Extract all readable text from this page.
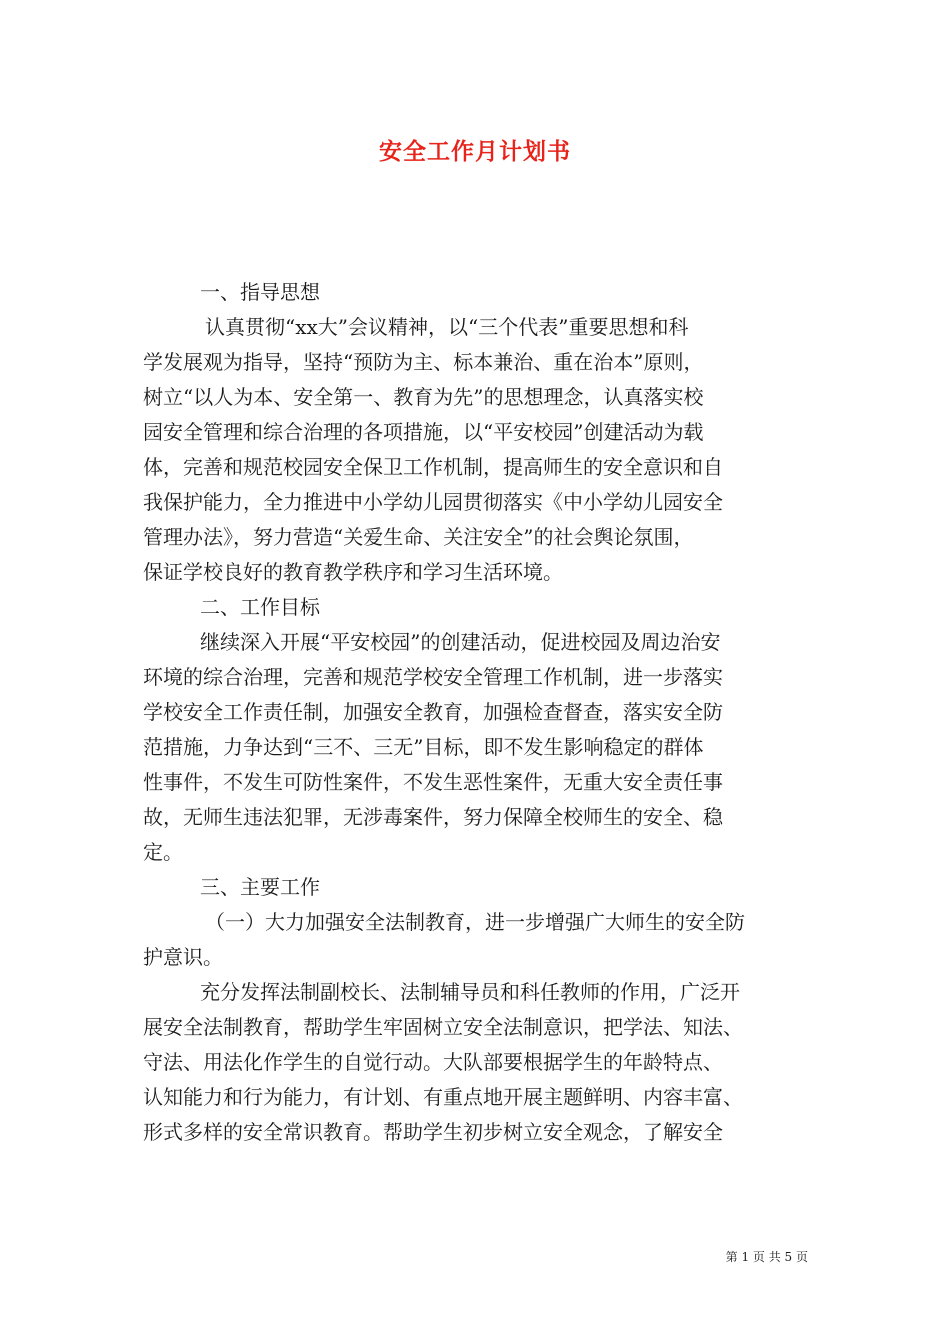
安全工作月计划书
一、指导思想
认真贯彻“xx大”会议精神，以“三个代表”重要思想和科
学发展观为指导，坚持“预防为主、标本兼治、重在治本”原则，
树立“以人为本、安全第一、教育为先”的思想理念，认真落实校
园安全管理和综合治理的各项措施，以“平安校园”创建活动为载
体，完善和规范校园安全保卫工作机制，提高师生的安全意识和自
我保护能力，全力推进中小学幼儿园贯彻落实《中小学幼儿园安全
管理办法》，努力营造“关爱生命、关注安全”的社会舆论氛围，
保证学校良好的教育教学秩序和学习生活环境。
二、工作目标
继续深入开展“平安校园”的创建活动，促进校园及周边治安
环境的综合治理，完善和规范学校安全管理工作机制，进一步落实
学校安全工作责任制，加强安全教育，加强检查督查，落实安全防
范措施，力争达到“三不、三无”目标，即不发生影响稳定的群体
性事件，不发生可防性案件，不发生恶性案件，无重大安全责任事
故，无师生违法犯罪，无涉毒案件，努力保障全校师生的安全、稳
定。
三、主要工作
（一）大力加强安全法制教育，进一步增强广大师生的安全防
护意识。
充分发挥法制副校长、法制辅导员和科任教师的作用，广泛开
展安全法制教育，帮助学生牢固树立安全法制意识，把学法、知法、
守法、用法化作学生的自觉行动。大队部要根据学生的年龄特点、
认知能力和行为能力，有计划、有重点地开展主题鲜明、内容丰富、
形式多样的安全常识教育。帮助学生初步树立安全观念，了解安全
第 1 页 共 5 页
